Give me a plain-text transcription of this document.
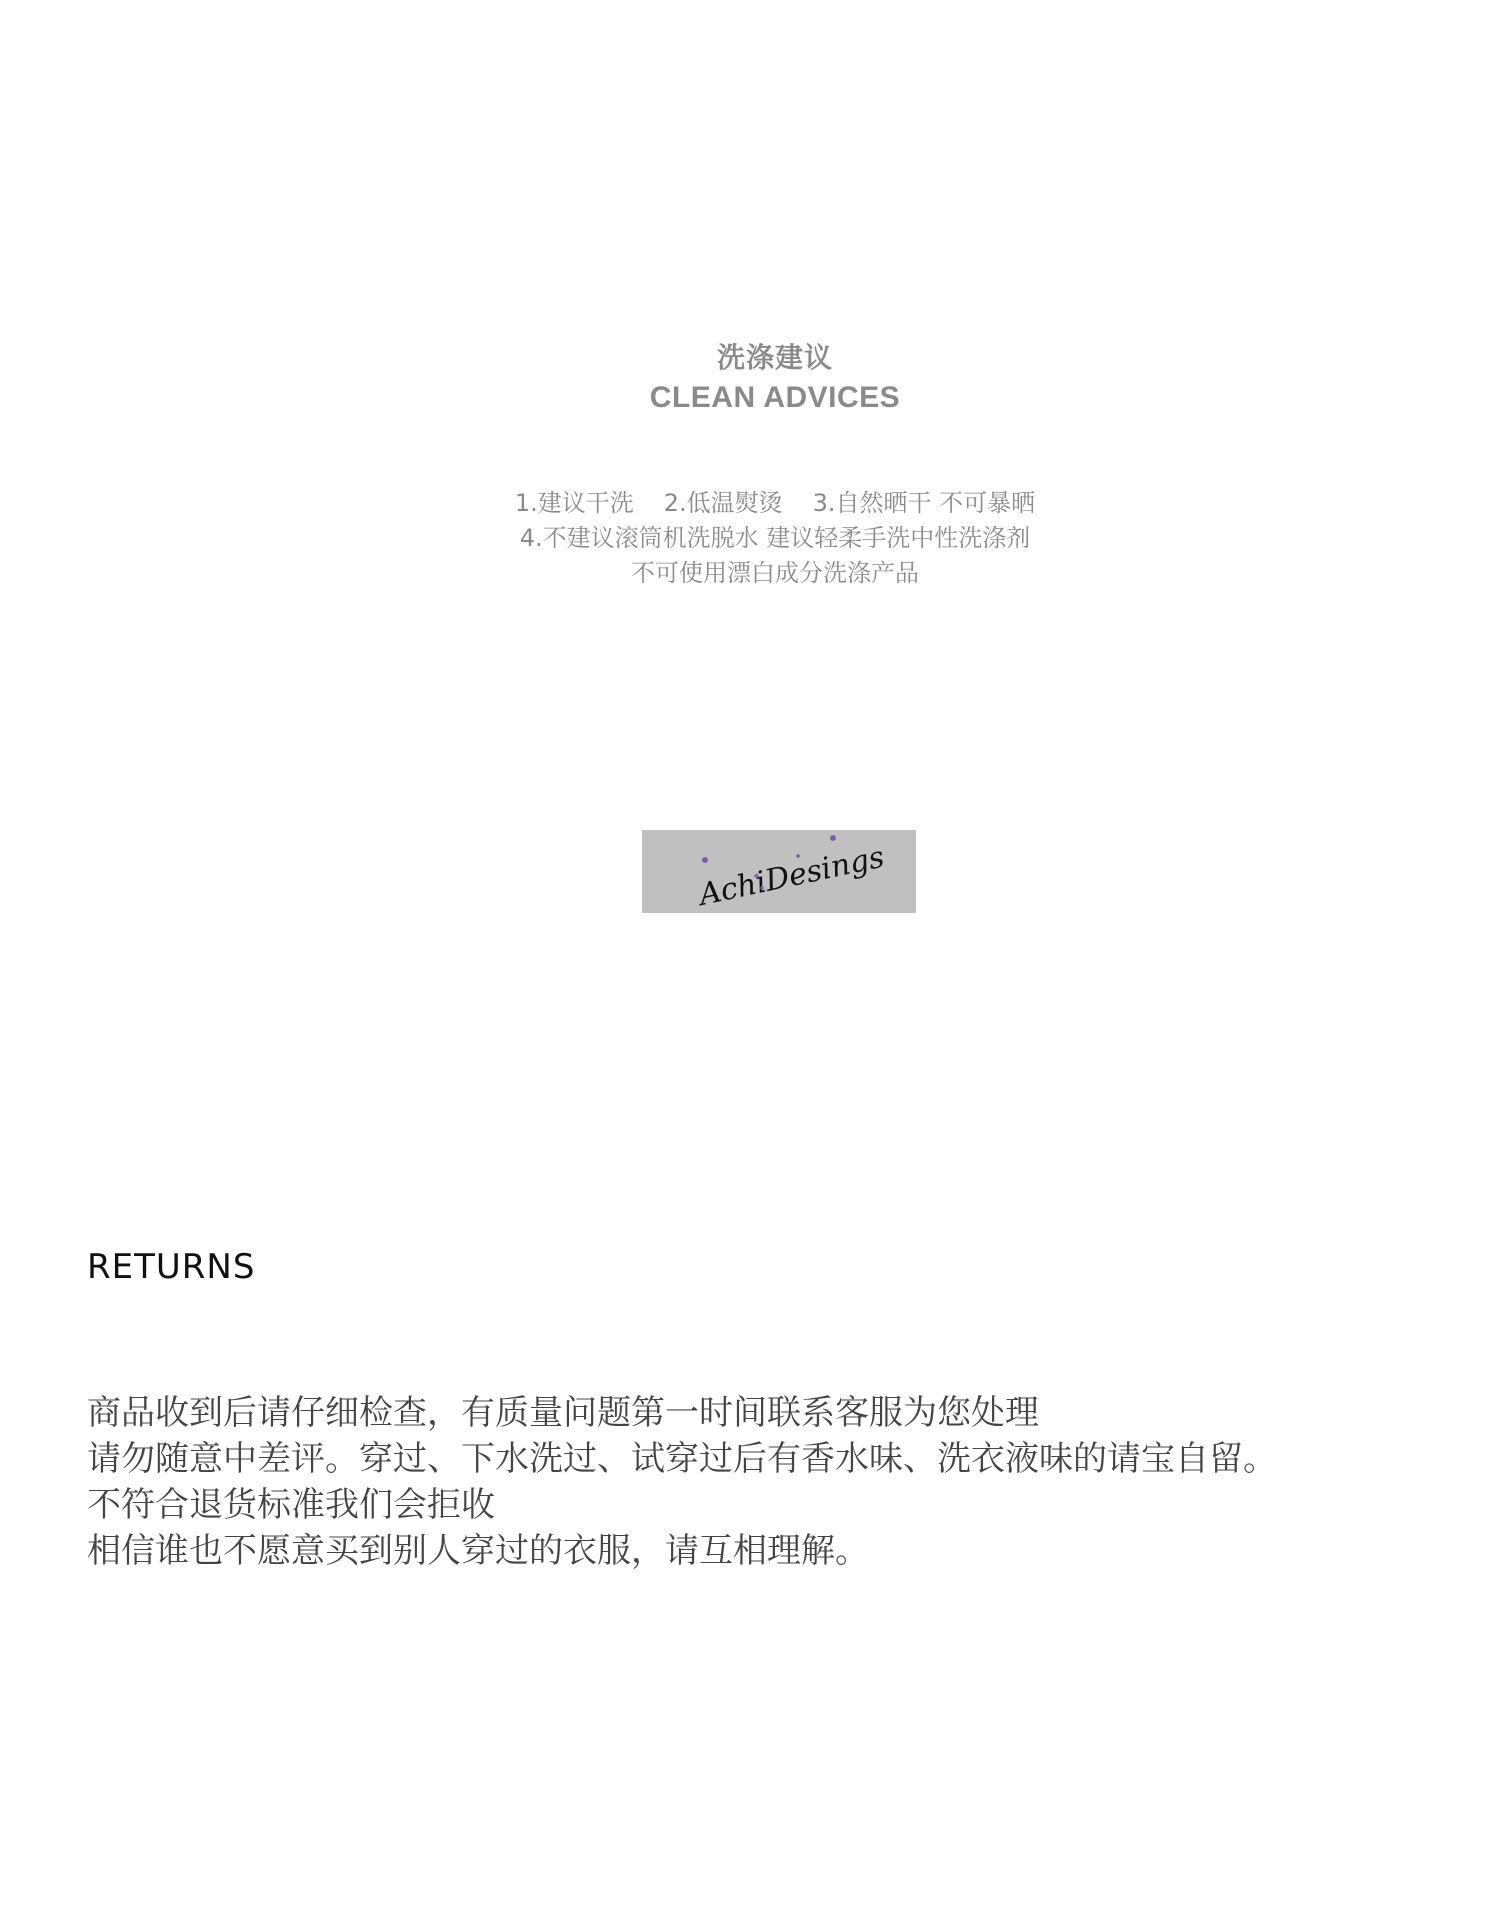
洗涤建议
CLEAN ADVICES
1.建议干洗 2.低温熨烫 3.自然晒干 不可暴晒
4.不建议滚筒机洗脱水 建议轻柔手洗中性洗涤剂
不可使用漂白成分洗涤产品
AchiDesings
RETURNS
商品收到后请仔细检查，有质量问题第一时间联系客服为您处理
请勿随意中差评。穿过、下水洗过、试穿过后有香水味、洗衣液味的请宝自留。
不符合退货标准我们会拒收
相信谁也不愿意买到别人穿过的衣服，请互相理解。
